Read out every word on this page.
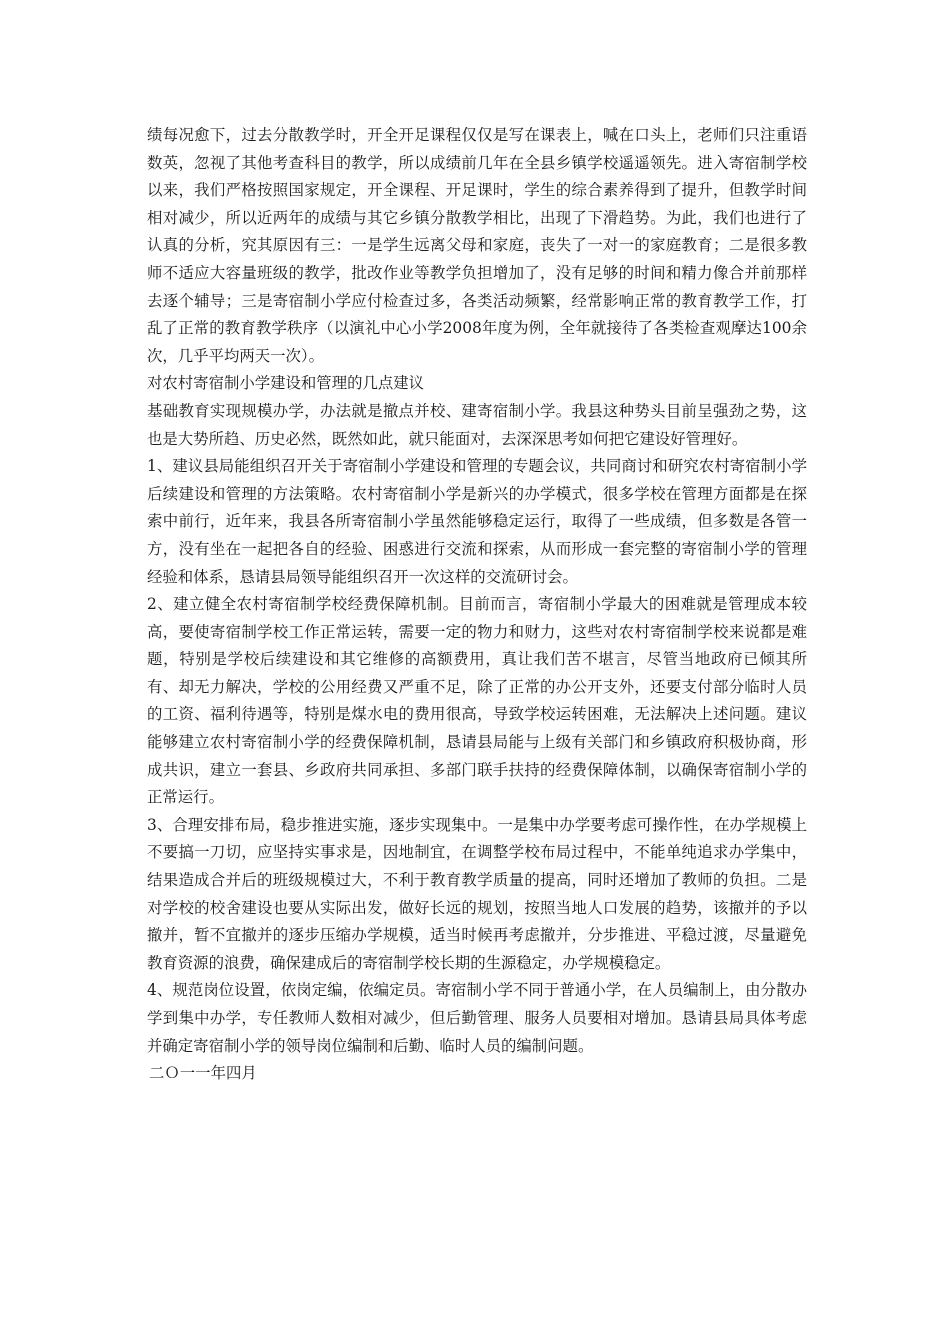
绩每况愈下，过去分散教学时，开全开足课程仅仅是写在课表上，喊在口头上，老师们只注重语数英，忽视了其他考查科目的教学，所以成绩前几年在全县乡镇学校遥遥领先。进入寄宿制学校以来，我们严格按照国家规定，开全课程、开足课时，学生的综合素养得到了提升，但教学时间相对减少，所以近两年的成绩与其它乡镇分散教学相比，出现了下滑趋势。为此，我们也进行了认真的分析，究其原因有三：一是学生远离父母和家庭，丧失了一对一的家庭教育；二是很多教师不适应大容量班级的教学，批改作业等教学负担增加了，没有足够的时间和精力像合并前那样去逐个辅导；三是寄宿制小学应付检查过多，各类活动频繁，经常影响正常的教育教学工作，打乱了正常的教育教学秩序（以演礼中心小学2008年度为例，全年就接待了各类检查观摩达100余次，几乎平均两天一次）。

对农村寄宿制小学建设和管理的几点建议

基础教育实现规模办学，办法就是撤点并校、建寄宿制小学。我县这种势头目前呈强劲之势，这也是大势所趋、历史必然，既然如此，就只能面对，去深深思考如何把它建设好管理好。

1、建议县局能组织召开关于寄宿制小学建设和管理的专题会议，共同商讨和研究农村寄宿制小学后续建设和管理的方法策略。农村寄宿制小学是新兴的办学模式，很多学校在管理方面都是在探索中前行，近年来，我县各所寄宿制小学虽然能够稳定运行，取得了一些成绩，但多数是各管一方，没有坐在一起把各自的经验、困惑进行交流和探索，从而形成一套完整的寄宿制小学的管理经验和体系，恳请县局领导能组织召开一次这样的交流研讨会。

2、建立健全农村寄宿制学校经费保障机制。目前而言，寄宿制小学最大的困难就是管理成本较高，要使寄宿制学校工作正常运转，需要一定的物力和财力，这些对农村寄宿制学校来说都是难题，特别是学校后续建设和其它维修的高额费用，真让我们苦不堪言，尽管当地政府已倾其所有、却无力解决，学校的公用经费又严重不足，除了正常的办公开支外，还要支付部分临时人员的工资、福利待遇等，特别是煤水电的费用很高，导致学校运转困难，无法解决上述问题。建议能够建立农村寄宿制小学的经费保障机制，恳请县局能与上级有关部门和乡镇政府积极协商，形成共识，建立一套县、乡政府共同承担、多部门联手扶持的经费保障体制，以确保寄宿制小学的正常运行。

3、合理安排布局，稳步推进实施，逐步实现集中。一是集中办学要考虑可操作性，在办学规模上不要搞一刀切，应坚持实事求是，因地制宜，在调整学校布局过程中，不能单纯追求办学集中，结果造成合并后的班级规模过大，不利于教育教学质量的提高，同时还增加了教师的负担。二是对学校的校舍建设也要从实际出发，做好长远的规划，按照当地人口发展的趋势，该撤并的予以撤并，暂不宜撤并的逐步压缩办学规模，适当时候再考虑撤并，分步推进、平稳过渡，尽量避免教育资源的浪费，确保建成后的寄宿制学校长期的生源稳定，办学规模稳定。

4、规范岗位设置，依岗定编，依编定员。寄宿制小学不同于普通小学，在人员编制上，由分散办学到集中办学，专任教师人数相对减少，但后勤管理、服务人员要相对增加。恳请县局具体考虑并确定寄宿制小学的领导岗位编制和后勤、临时人员的编制问题。

二Ｏ一一年四月
